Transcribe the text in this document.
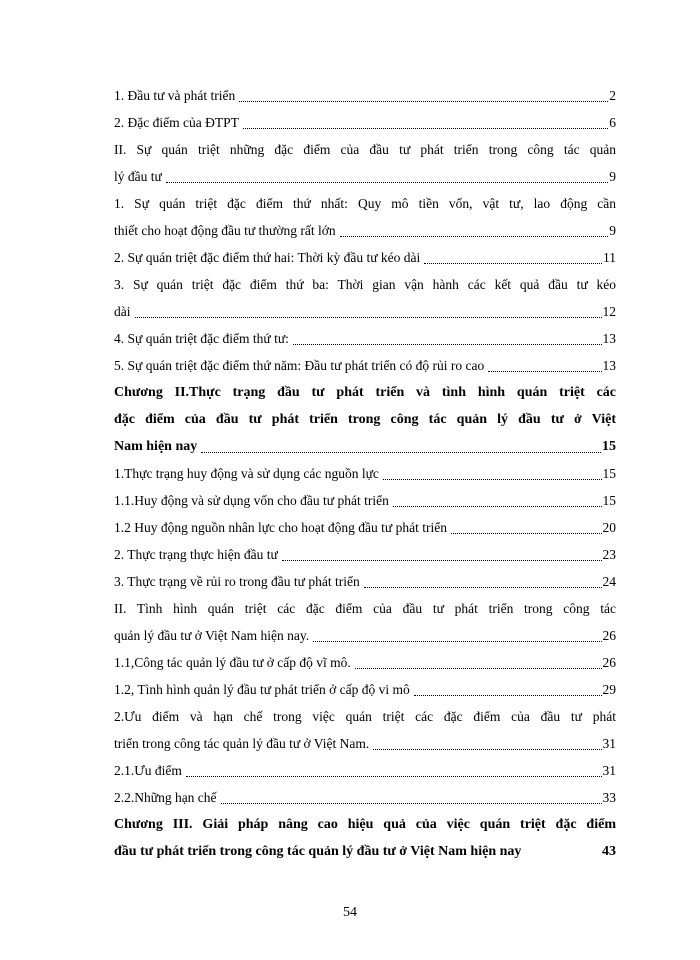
1. Đầu tư và phát triển	2
2. Đặc điểm của ĐTPT	6
II. Sự quán triệt những đặc điểm của đầu tư phát triển trong công tác quản
lý đầu tư	9
1. Sự quán triệt đặc điểm thứ nhất: Quy mô tiền vốn, vật tư, lao động cần
thiết cho hoạt động đầu tư thường rất lớn	9
2. Sự quán triệt đặc điểm thứ hai: Thời kỳ đầu tư kéo dài	11
3. Sự quán triệt đặc điểm thứ ba: Thời gian vận hành các kết quả đầu tư kéo
dài	12
4. Sự quán triệt đặc điểm thứ tư:	13
5. Sự quán triệt đặc điểm thứ năm: Đầu tư phát triển có độ rủi ro cao	13
Chương II.Thực trạng đầu tư phát triển và tình hình quán triệt các
đặc điểm của đầu tư phát triển trong công tác quản lý đầu tư ở Việt
Nam hiện nay	15
1.Thực trạng huy động và sử dụng các nguồn lực	15
1.1.Huy động và sử dụng vốn cho đầu tư phát triển	15
1.2 Huy động nguồn nhân lực cho hoạt động đầu tư phát triển	20
2. Thực trạng thực hiện đầu tư	23
3. Thực trạng về rủi ro trong đầu tư phát triển	24
II. Tình hình quán triệt các đặc điểm của đầu tư phát triển trong công tác
quản lý đầu tư ở Việt Nam hiện nay.	26
1.1,Công tác quản lý đầu tư ở cấp độ vĩ mô.	26
1.2, Tình hình quản lý đầu tư phát triển ở cấp độ vi mô	29
2.Ưu điểm và hạn chế trong việc quán triệt các đặc điểm của đầu tư phát
triển trong công tác quản lý đầu tư ở Việt Nam.	31
2.1.Ưu điểm	31
2.2.Những hạn chế	33
Chương III. Giải pháp nâng cao hiệu quả của việc quán triệt đặc điểm
đầu tư phát triển trong công tác quản lý đầu tư ở Việt Nam hiện nay	43
54
